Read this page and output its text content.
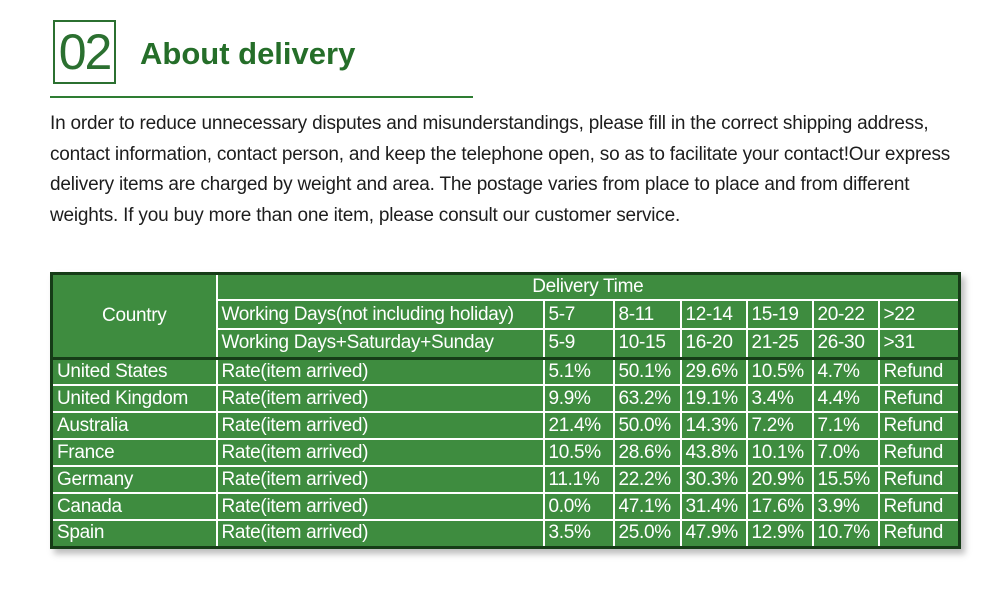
02 About delivery

In order to reduce unnecessary disputes and misunderstandings, please fill in the correct shipping address, contact information, contact person, and keep the telephone open, so as to facilitate your contact!Our express delivery items are charged by weight and area. The postage varies from place to place and from different weights. If you buy more than one item, please consult our customer service.

Country	Delivery Time						
	Working Days(not including holiday)	5-7	8-11	12-14	15-19	20-22	>22
	Working Days+Saturday+Sunday	5-9	10-15	16-20	21-25	26-30	>31
United States	Rate(item arrived)	5.1%	50.1%	29.6%	10.5%	4.7%	Refund
United Kingdom	Rate(item arrived)	9.9%	63.2%	19.1%	3.4%	4.4%	Refund
Australia	Rate(item arrived)	21.4%	50.0%	14.3%	7.2%	7.1%	Refund
France	Rate(item arrived)	10.5%	28.6%	43.8%	10.1%	7.0%	Refund
Germany	Rate(item arrived)	11.1%	22.2%	30.3%	20.9%	15.5%	Refund
Canada	Rate(item arrived)	0.0%	47.1%	31.4%	17.6%	3.9%	Refund
Spain	Rate(item arrived)	3.5%	25.0%	47.9%	12.9%	10.7%	Refund
